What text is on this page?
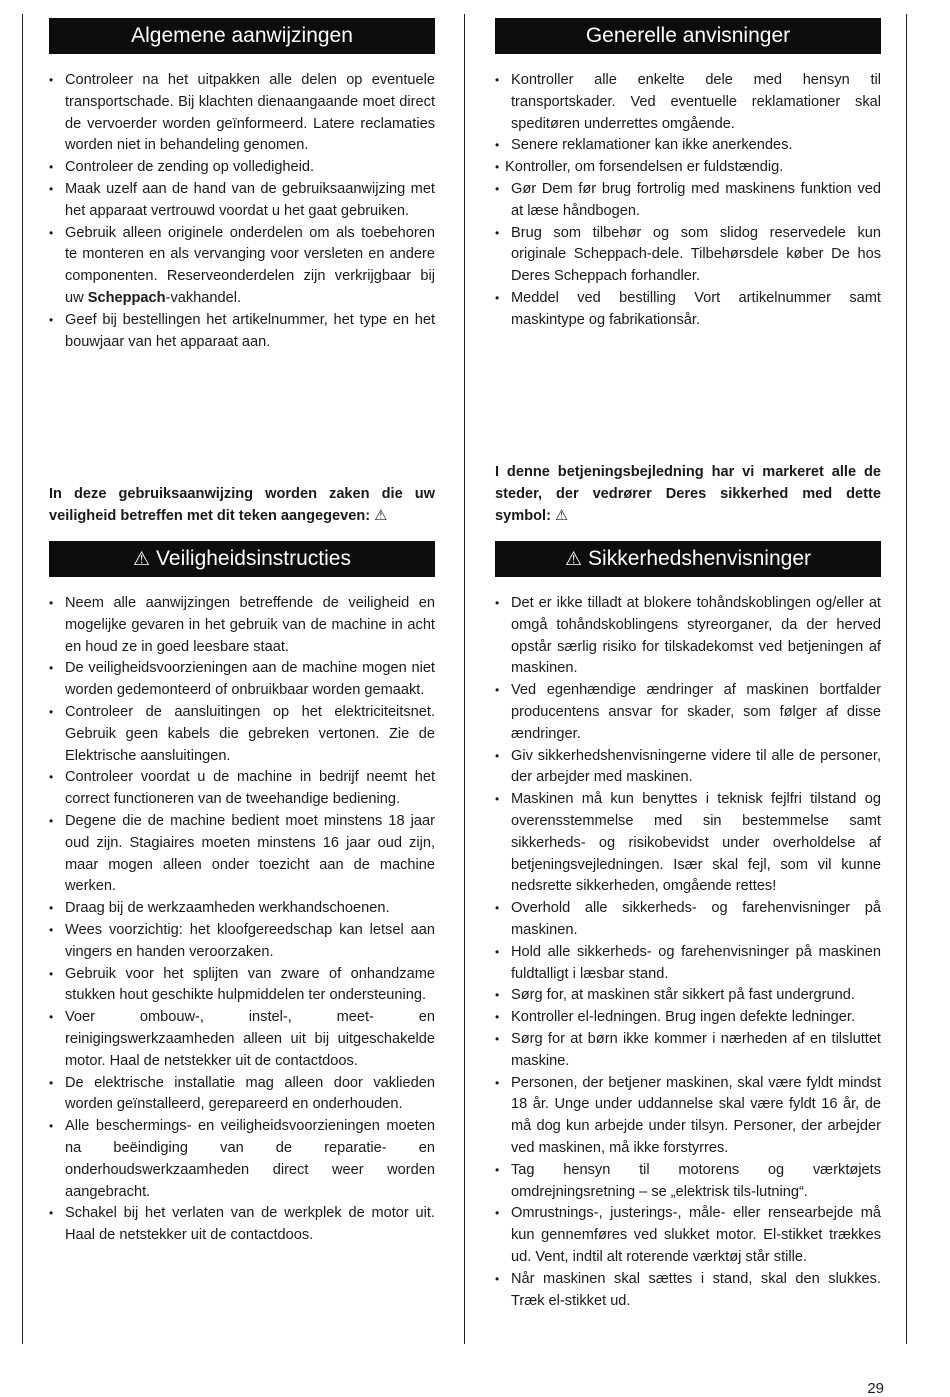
Algemene aanwijzingen
• Controleer na het uitpakken alle delen op eventuele transportschade. Bij klachten dienaangaande moet direct de vervoerder worden geïnformeerd. Latere reclamaties worden niet in behandeling genomen.
• Controleer de zending op volledigheid.
• Maak uzelf aan de hand van de gebruiksaanwijzing met het apparaat vertrouwd voordat u het gaat gebruiken.
• Gebruik alleen originele onderdelen om als toebehoren te monteren en als vervanging voor versleten en andere componenten. Reserveonderdelen zijn verkrijgbaar bij uw Scheppach-vakhandel.
• Geef bij bestellingen het artikelnummer, het type en het bouwjaar van het apparaat aan.

In deze gebruiksaanwijzing worden zaken die uw veiligheid betreffen met dit teken aangegeven: ⚠

⚠ Veiligheidsinstructies
• Neem alle aanwijzingen betreffende de veiligheid en mogelijke gevaren in het gebruik van de machine in acht en houd ze in goed leesbare staat.
• De veiligheidsvoorzieningen aan de machine mogen niet worden gedemonteerd of onbruikbaar worden gemaakt.
• Controleer de aansluitingen op het elektriciteitsnet. Gebruik geen kabels die gebreken vertonen. Zie de Elektrische aansluitingen.
• Controleer voordat u de machine in bedrijf neemt het correct functioneren van de tweehandige bediening.
• Degene die de machine bedient moet minstens 18 jaar oud zijn. Stagiaires moeten minstens 16 jaar oud zijn, maar mogen alleen onder toezicht aan de machine werken.
• Draag bij de werkzaamheden werkhandschoenen.
• Wees voorzichtig: het kloofgereedschap kan letsel aan vingers en handen veroorzaken.
• Gebruik voor het splijten van zware of onhandzame stukken hout geschikte hulpmiddelen ter ondersteuning.
• Voer ombouw-, instel-, meet- en reinigingswerkzaamheden alleen uit bij uitgeschakelde motor. Haal de netstekker uit de contactdoos.
• De elektrische installatie mag alleen door vaklieden worden geïnstalleerd, gerepareerd en onderhouden.
• Alle beschermings- en veiligheidsvoorzieningen moeten na beëindiging van de reparatie- en onderhoudswerkzaamheden direct weer worden aangebracht.
• Schakel bij het verlaten van de werkplek de motor uit. Haal de netstekker uit de contactdoos.
Generelle anvisninger
• Kontroller alle enkelte dele med hensyn til transportskader. Ved eventuelle reklamationer skal speditøren underrettes omgående.
• Senere reklamationer kan ikke anerkendes.
• Kontroller, om forsendelsen er fuldstændig.
• Gør Dem før brug fortrolig med maskinens funktion ved at læse håndbogen.
• Brug som tilbehør og som slidog reservedele kun originale Scheppach-dele. Tilbehørsdele køber De hos Deres Scheppach forhandler.
• Meddel ved bestilling Vort artikelnummer samt maskintype og fabrikationsår.

I denne betjeningsbejledning har vi markeret alle de steder, der vedrører Deres sikkerhed med dette symbol: ⚠

⚠ Sikkerhedshenvisninger
• Det er ikke tilladt at blokere tohåndskoblingen og/eller at omgå tohåndskoblingens styreorganer, da der herved opstår særlig risiko for tilskadekomst ved betjeningen af maskinen.
• Ved egenhændige ændringer af maskinen bortfalder producentens ansvar for skader, som følger af disse ændringer.
• Giv sikkerhedshenvisningerne videre til alle de personer, der arbejder med maskinen.
• Maskinen må kun benyttes i teknisk fejlfri tilstand og overensstemmelse med sin bestemmelse samt sikkerheds- og risikobevidst under overholdelse af betjeningsvejledningen. Især skal fejl, som vil kunne nedsrette sikkerheden, omgående rettes!
• Overhold alle sikkerheds- og farehenvisninger på maskinen.
• Hold alle sikkerheds- og farehenvisninger på maskinen fuldtalligt i læsbar stand.
• Sørg for, at maskinen står sikkert på fast undergrund.
• Kontroller el-ledningen. Brug ingen defekte ledninger.
• Sørg for at børn ikke kommer i nærheden af en tilsluttet maskine.
• Personen, der betjener maskinen, skal være fyldt mindst 18 år. Unge under uddannelse skal være fyldt 16 år, de må dog kun arbejde under tilsyn. Personer, der arbejder ved maskinen, må ikke forstyrres.
• Tag hensyn til motorens og værktøjets omdrejningsretning – se „elektrisk tils-lutning“.
• Omrustnings-, justerings-, måle- eller rensearbejde må kun gennemføres ved slukket motor. El-stikket trækkes ud. Vent, indtil alt roterende værktøj står stille.
• Når maskinen skal sættes i stand, skal den slukkes. Træk el-stikket ud.
29
